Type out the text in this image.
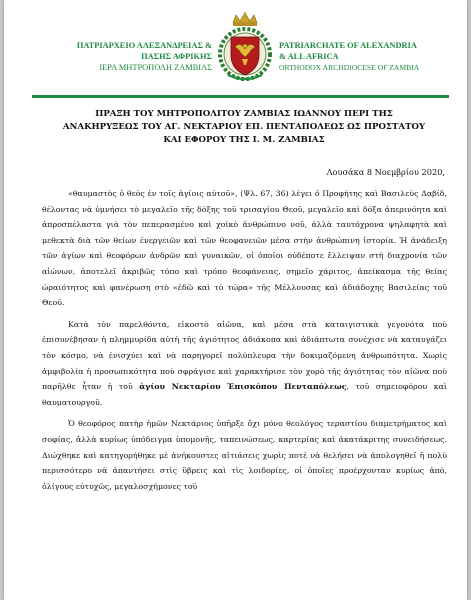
ΠΑΤΡΙΑΡΧΕΙΟ ΑΛΕΞΑΝΔΡΕΙΑΣ &
ΠΑΣΗΣ ΑΦΡΙΚΗΣ
ΙΕΡΑ ΜΗΤΡΟΠΟΛΗ ΖΑΜΒΙΑΣ
PATRIARCHATE OF ALEXANDRIA
& ALL AFRICA
ORTHODOX ARCHDIOCESE OF ZAMBIA
ΠΡΑΞΗ ΤΟΥ ΜΗΤΡΟΠΟΛΙΤΟΥ ΖΑΜΒΙΑΣ ΙΩΑΝΝΟΥ ΠΕΡΙ ΤΗΣ
ΑΝΑΚΗΡΥΞΕΩΣ ΤΟΥ ΑΓ. ΝΕΚΤΑΡΙΟΥ ΕΠ. ΠΕΝΤΑΠΟΛΕΩΣ ΩΣ ΠΡΟΣΤΑΤΟΥ
ΚΑΙ ΕΦΟΡΟΥ ΤΗΣ Ι. Μ. ΖΑΜΒΙΑΣ
Λουσάκα 8 Νοεμβρίου 2020,

«θαυμαστὸς ὁ θεὸς ἐν τοῖς ἁγίοις αὐτοῦ», (Ψλ. 67, 36) λέγει ὁ Προφήτης καὶ Βασιλεὺς Δαβίδ, θέλοντας νὰ ὑμνήσει τὸ μεγαλεῖο τῆς δόξης τοῦ τρισαγίου Θεοῦ, μεγαλεῖο καὶ δόξα ἀπερινόητα καὶ ἀπροσπέλαστα γιὰ τὸν πεπερασμένο καὶ χοϊκὸ ἀνθρώπινο νοῦ, ἀλλὰ ταυτόχρονα ψηλαφητὰ καὶ μεθεκτὰ διὰ τῶν θείων ἐνεργειῶν καὶ τῶν θεοφανειῶν μέσα στὴν ἀνθρώπινη ἱστορία. Ἡ ἀνάδειξη τῶν ἁγίων καὶ θεοφόρων ἀνδρῶν καὶ γυναικῶν, οἱ ὁποῖοι οὐδέποτε ἔλλειψαν στὴ διαχρονία τῶν αἰώνων, ἀποτελεῖ ἀκριβῶς τόπο καὶ τρόπο θεοφάνειας, σημεῖο χάριτος, ἀπείκασμα τῆς θείας ὡραιότητος καὶ φανέρωση στὸ «ἐδῶ καὶ τὸ τώρα» τῆς Μέλλουσας καὶ ἀδιάδοχης Βασιλείας τοῦ Θεοῦ.

Κατὰ τὸν παρελθόντα, εἰκοστὸ αἰῶνα, καὶ μέσα στὰ καταιγιστικὰ γεγονότα ποὺ ἐπισυνέβησαν ἡ πλημμυρίδα αὐτὴ τῆς ἁγιότητος ἀδιάκοπα καὶ ἀδιάπτωτα συνέχισε νὰ καταυγάζει τὸν κόσμο, νὰ ἐνισχύει καὶ νὰ παρηγορεῖ πολύπλευρα τὴν δοκιμαζόμενη ἀνθρωπότητα. Χωρὶς ἀμφιβολία ἡ προσωπικότητα ποὺ σφράγισε καὶ χαρακτήρισε τὸν χορὸ τῆς ἁγιότητας τὸν αἰῶνα ποὺ παρῆλθε ἦταν ἡ τοῦ ἁγίου Νεκταρίου Ἐπισκόπου Πενταπόλεως, τοῦ σημειοφόρου καὶ θαυματουργοῦ.

Ὁ θεοφόρος πατὴρ ἡμῶν Νεκτάριος ὑπῆρξε ὄχι μόνο θεολόγος τεραστίου διαμετρήματος καὶ σοφίας, ἀλλὰ κυρίως ὑπόδειγμα ὑπομονῆς, ταπεινώσεως, καρτερίας καὶ ἀκατάκριτης συνειδήσεως. Διώχθηκε καὶ κατηγορήθηκε μὲ ἀνήκουστες αἰτιάσεις χωρὶς ποτὲ νὰ θελήσει νὰ ἀπολογηθεῖ ἢ πολὺ περισσότερο νὰ ἀπαντήσει στὶς ὕβρεις καὶ τὶς λοιδορίες, οἱ ὁποῖες προέρχονταν κυρίως ἀπὸ, ὀλίγους εὐτυχῶς, μεγαλοσχήμονες τοῦ
